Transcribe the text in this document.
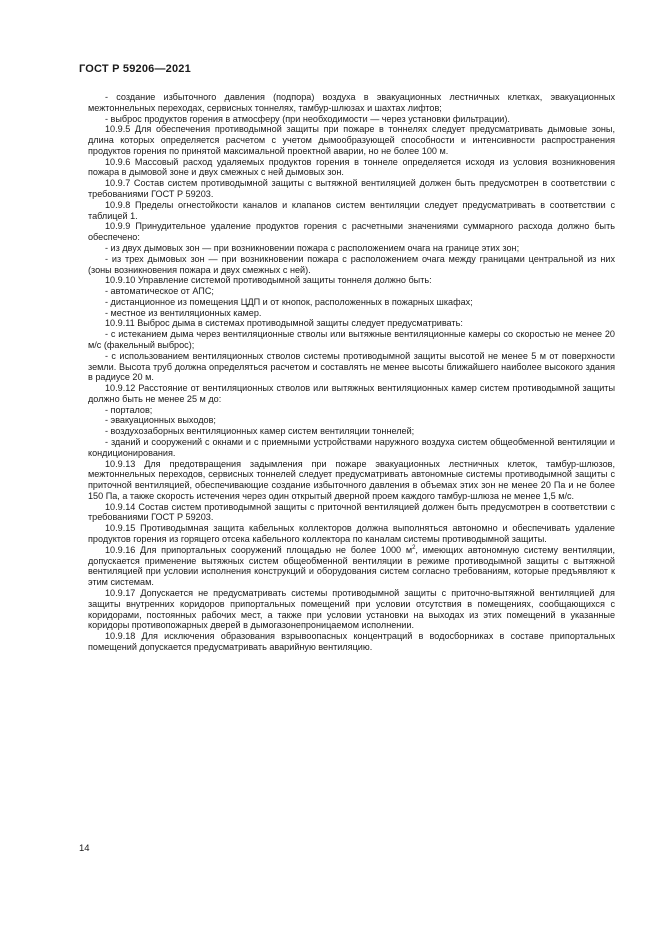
ГОСТ Р 59206—2021

- создание избыточного давления (подпора) воздуха в эвакуационных лестничных клетках, эвакуационных межтоннельных переходах, сервисных тоннелях, тамбур-шлюзах и шахтах лифтов;

- выброс продуктов горения в атмосферу (при необходимости — через установки фильтрации).

10.9.5 Для обеспечения противодымной защиты при пожаре в тоннелях следует предусматривать дымовые зоны, длина которых определяется расчетом с учетом дымообразующей способности и интенсивности распространения продуктов горения по принятой максимальной проектной аварии, но не более 100 м.

10.9.6 Массовый расход удаляемых продуктов горения в тоннеле определяется исходя из условия возникновения пожара в дымовой зоне и двух смежных с ней дымовых зон.

10.9.7 Состав систем противодымной защиты с вытяжной вентиляцией должен быть предусмотрен в соответствии с требованиями ГОСТ Р 59203.

10.9.8 Пределы огнестойкости каналов и клапанов систем вентиляции следует предусматривать в соответствии с таблицей 1.

10.9.9 Принудительное удаление продуктов горения с расчетными значениями суммарного расхода должно быть обеспечено:

- из двух дымовых зон — при возникновении пожара с расположением очага на границе этих зон;

- из трех дымовых зон — при возникновении пожара с расположением очага между границами центральной из них (зоны возникновения пожара и двух смежных с ней).

10.9.10 Управление системой противодымной защиты тоннеля должно быть:

- автоматическое от АПС;

- дистанционное из помещения ЦДП и от кнопок, расположенных в пожарных шкафах;

- местное из вентиляционных камер.

10.9.11 Выброс дыма в системах противодымной защиты следует предусматривать:

- с истеканием дыма через вентиляционные стволы или вытяжные вентиляционные камеры со скоростью не менее 20 м/с (факельный выброс);

- с использованием вентиляционных стволов системы противодымной защиты высотой не менее 5 м от поверхности земли. Высота труб должна определяться расчетом и составлять не менее высоты ближайшего наиболее высокого здания в радиусе 20 м.

10.9.12 Расстояние от вентиляционных стволов или вытяжных вентиляционных камер систем противодымной защиты должно быть не менее 25 м до:

- порталов;

- эвакуационных выходов;

- воздухозаборных вентиляционных камер систем вентиляции тоннелей;

- зданий и сооружений с окнами и с приемными устройствами наружного воздуха систем общеобменной вентиляции и кондиционирования.

10.9.13 Для предотвращения задымления при пожаре эвакуационных лестничных клеток, тамбур-шлюзов, межтоннельных переходов, сервисных тоннелей следует предусматривать автономные системы противодымной защиты с приточной вентиляцией, обеспечивающие создание избыточного давления в объемах этих зон не менее 20 Па и не более 150 Па, а также скорость истечения через один открытый дверной проем каждого тамбур-шлюза не менее 1,5 м/с.

10.9.14 Состав систем противодымной защиты с приточной вентиляцией должен быть предусмотрен в соответствии с требованиями ГОСТ Р 59203.

10.9.15 Противодымная защита кабельных коллекторов должна выполняться автономно и обеспечивать удаление продуктов горения из горящего отсека кабельного коллектора по каналам системы противодымной защиты.

10.9.16 Для припортальных сооружений площадью не более 1000 $м^2$, имеющих автономную систему вентиляции, допускается применение вытяжных систем общеобменной вентиляции в режиме противодымной защиты с вытяжной вентиляцией при условии исполнения конструкций и оборудования систем согласно требованиям, которые предъявляют к этим системам.

10.9.17 Допускается не предусматривать системы противодымной защиты с приточно-вытяжной вентиляцией для защиты внутренних коридоров припортальных помещений при условии отсутствия в помещениях, сообщающихся с коридорами, постоянных рабочих мест, а также при условии установки на выходах из этих помещений в указанные коридоры противопожарных дверей в дымогазонепроницаемом исполнении.

10.9.18 Для исключения образования взрывоопасных концентраций в водосборниках в составе припортальных помещений допускается предусматривать аварийную вентиляцию.

14
